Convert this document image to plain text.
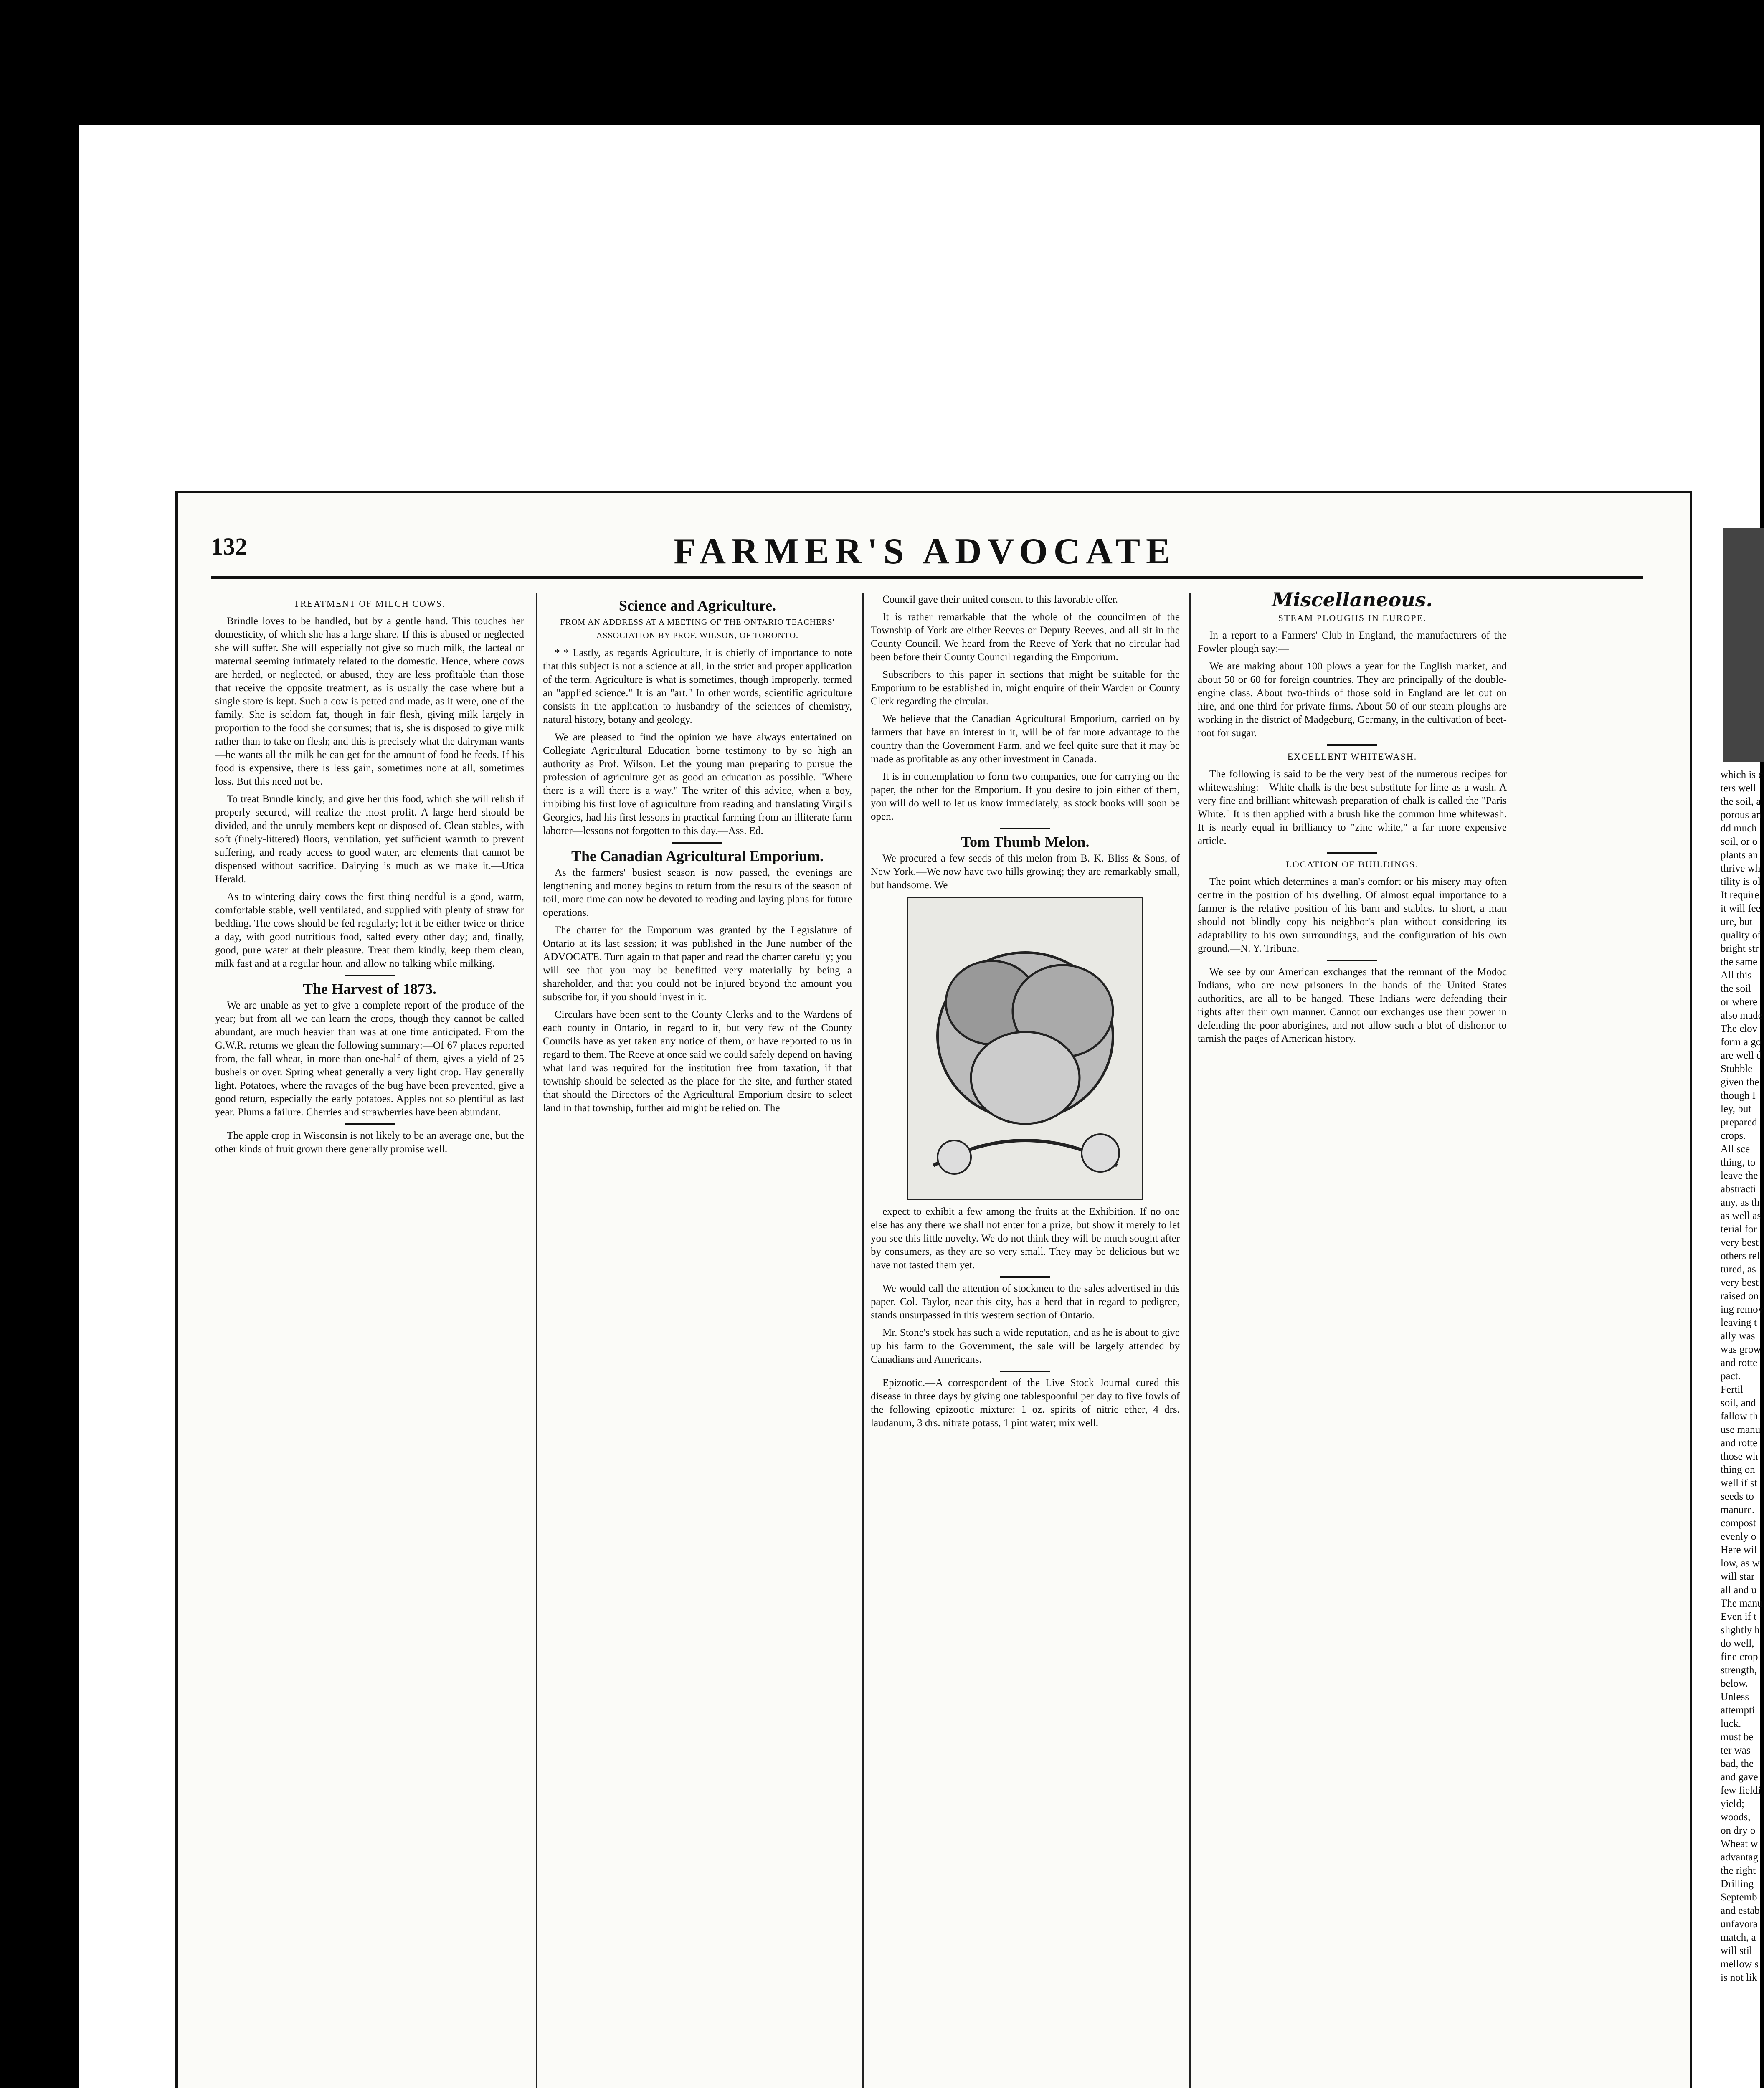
132	FARMER'S ADVOCATE
TREATMENT OF MILCH COWS.

Brindle loves to be handled, but by a gentle hand. This touches her domesticity, of which she has a large share. If this is abused or neglected she will suffer. She will especially not give so much milk, the lacteal or maternal seeming intimately related to the domestic. Hence, where cows are herded, or neglected, or abused, they are less profitable than those that receive the opposite treatment, as is usually the case where but a single store is kept. Such a cow is petted and made, as it were, one of the family. She is seldom fat, though in fair flesh, giving milk largely in proportion to the food she consumes; that is, she is disposed to give milk rather than to take on flesh; and this is precisely what the dairyman wants—he wants all the milk he can get for the amount of food he feeds. If his food is expensive, there is less gain, sometimes none at all, sometimes loss. But this need not be.

To treat Brindle kindly, and give her this food, which she will relish if properly secured, will realize the most profit. A large herd should be divided, and the unruly members kept or disposed of. Clean stables, with soft (finely-littered) floors, ventilation, yet sufficient warmth to prevent suffering, and ready access to good water, are elements that cannot be dispensed without sacrifice. Dairying is much as we make it.—Utica Herald.

As to wintering dairy cows the first thing needful is a good, warm, comfortable stable, well ventilated, and supplied with plenty of straw for bedding. The cows should be fed regularly; let it be either twice or thrice a day, with good nutritious food, salted every other day; and, finally, good, pure water at their pleasure. Treat them kindly, keep them clean, milk fast and at a regular hour, and allow no talking while milking.

The Harvest of 1873.

We are unable as yet to give a complete report of the produce of the year; but from all we can learn the crops, though they cannot be called abundant, are much heavier than was at one time anticipated. From the G.W.R. returns we glean the following summary:—Of 67 places reported from, the fall wheat, in more than one-half of them, gives a yield of 25 bushels or over. Spring wheat generally a very light crop. Hay generally light. Potatoes, where the ravages of the bug have been prevented, give a good return, especially the early potatoes. Apples not so plentiful as last year. Plums a failure. Cherries and strawberries have been abundant.

The apple crop in Wisconsin is not likely to be an average one, but the other kinds of fruit grown there generally promise well.

Science and Agriculture.
FROM AN ADDRESS AT A MEETING OF THE ONTARIO TEACHERS' ASSOCIATION BY PROF. WILSON, OF TORONTO.

* * Lastly, as regards Agriculture, it is chiefly of importance to note that this subject is not a science at all, in the strict and proper application of the term. Agriculture is what is sometimes, though improperly, termed an "applied science." It is an "art." In other words, scientific agriculture consists in the application to husbandry of the sciences of chemistry, natural history, botany and geology.

We are pleased to find the opinion we have always entertained on Collegiate Agricultural Education borne testimony to by so high an authority as Prof. Wilson. Let the young man preparing to pursue the profession of agriculture get as good an education as possible. "Where there is a will there is a way." The writer of this advice, when a boy, imbibing his first love of agriculture from reading and translating Virgil's Georgics, had his first lessons in practical farming from an illiterate farm laborer—lessons not forgotten to this day.—Ass. Ed.

The Canadian Agricultural Emporium.

As the farmers' busiest season is now passed, the evenings are lengthening and money begins to return from the results of the season of toil, more time can now be devoted to reading and laying plans for future operations.

The charter for the Emporium was granted by the Legislature of Ontario at its last session; it was published in the June number of the ADVOCATE. Turn again to that paper and read the charter carefully; you will see that you may be benefitted very materially by being a shareholder, and that you could not be injured beyond the amount you subscribe for, if you should invest in it.

Circulars have been sent to the County Clerks and to the Wardens of each county in Ontario, in regard to it, but very few of the County Councils have as yet taken any notice of them, or have reported to us in regard to them. The Reeve at once said we could safely depend on having what land was required for the institution free from taxation, if that township should be selected as the place for the site, and further stated that should the Directors of the Agricultural Emporium desire to select land in that township, further aid might be relied on. The

Council gave their united consent to this favorable offer.

It is rather remarkable that the whole of the councilmen of the Township of York are either Reeves or Deputy Reeves, and all sit in the County Council. We heard from the Reeve of York that no circular had been before their County Council regarding the Emporium.

Subscribers to this paper in sections that might be suitable for the Emporium to be established in, might enquire of their Warden or County Clerk regarding the circular.

We believe that the Canadian Agricultural Emporium, carried on by farmers that have an interest in it, will be of far more advantage to the country than the Government Farm, and we feel quite sure that it may be made as profitable as any other investment in Canada.

It is in contemplation to form two companies, one for carrying on the paper, the other for the Emporium. If you desire to join either of them, you will do well to let us know immediately, as stock books will soon be open.

Tom Thumb Melon.

We procured a few seeds of this melon from B. K. Bliss & Sons, of New York.—We now have two hills growing; they are remarkably small, but handsome. We

expect to exhibit a few among the fruits at the Exhibition. If no one else has any there we shall not enter for a prize, but show it merely to let you see this little novelty. We do not think they will be much sought after by consumers, as they are so very small. They may be delicious but we have not tasted them yet.

We would call the attention of stockmen to the sales advertised in this paper. Col. Taylor, near this city, has a herd that in regard to pedigree, stands unsurpassed in this western section of Ontario.

Mr. Stone's stock has such a wide reputation, and as he is about to give up his farm to the Government, the sale will be largely attended by Canadians and Americans.

Epizootic.—A correspondent of the Live Stock Journal cured this disease in three days by giving one tablespoonful per day to five fowls of the following epizootic mixture: 1 oz. spirits of nitric ether, 4 drs. laudanum, 3 drs. nitrate potass, 1 pint water; mix well.

Miscellaneous.
STEAM PLOUGHS IN EUROPE.

In a report to a Farmers' Club in England, the manufacturers of the Fowler plough say:—

We are making about 100 plows a year for the English market, and about 50 or 60 for foreign countries. They are principally of the double-engine class. About two-thirds of those sold in England are let out on hire, and one-third for private firms. About 50 of our steam ploughs are working in the district of Madgeburg, Germany, in the cultivation of beet-root for sugar.

EXCELLENT WHITEWASH.

The following is said to be the very best of the numerous recipes for whitewashing:—White chalk is the best substitute for lime as a wash. A very fine and brilliant whitewash preparation of chalk is called the "Paris White." It is then applied with a brush like the common lime whitewash. It is nearly equal in brilliancy to "zinc white," a far more expensive article.

LOCATION OF BUILDINGS.

The point which determines a man's comfort or his misery may often centre in the position of his dwelling. Of almost equal importance to a farmer is the relative position of his barn and stables. In short, a man should not blindly copy his neighbor's plan without considering its adaptability to his own surroundings, and the configuration of his own ground.—N. Y. Tribune.

We see by our American exchanges that the remnant of the Modoc Indians, who are now prisoners in the hands of the United States authorities, are all to be hanged. These Indians were defending their rights after their own manner. Cannot our exchanges use their power in defending the poor aborigines, and not allow such a blot of dishonor to tarnish the pages of American history.

which is c
ters well
the soil, a
porous an
dd much
soil, or o
plants an
thrive wh
tility is ol
It require
it will fee
ure, but
quality of
bright str
the same
All this
the soil
or where
also made
The clov
form a go
are well d
Stubble
given the
though I
ley, but
prepared
crops.
All sce
thing, to
leave the
abstracti
any, as th
as well as
terial for
very best
others rel
tured, as
very best
raised on
ing remov
leaving t
ally was
was grow
and rotte
pact.
Fertil
soil, and
fallow th
use manu
and rotte
those wh
thing on
well if st
seeds to
manure.
compost
evenly o
Here wil
low, as w
will star
all and u
The manu
Even if t
slightly h
do well,
fine crop
strength,
below.
Unless
attempti
luck.
must be
ter was
bad, the
and gave
few fieldi
yield;
woods,
on dry o
Wheat w
advantag
the right
Drilling
Septemb
and estab
unfavora
match, a
will stil
mellow s
is not lik
